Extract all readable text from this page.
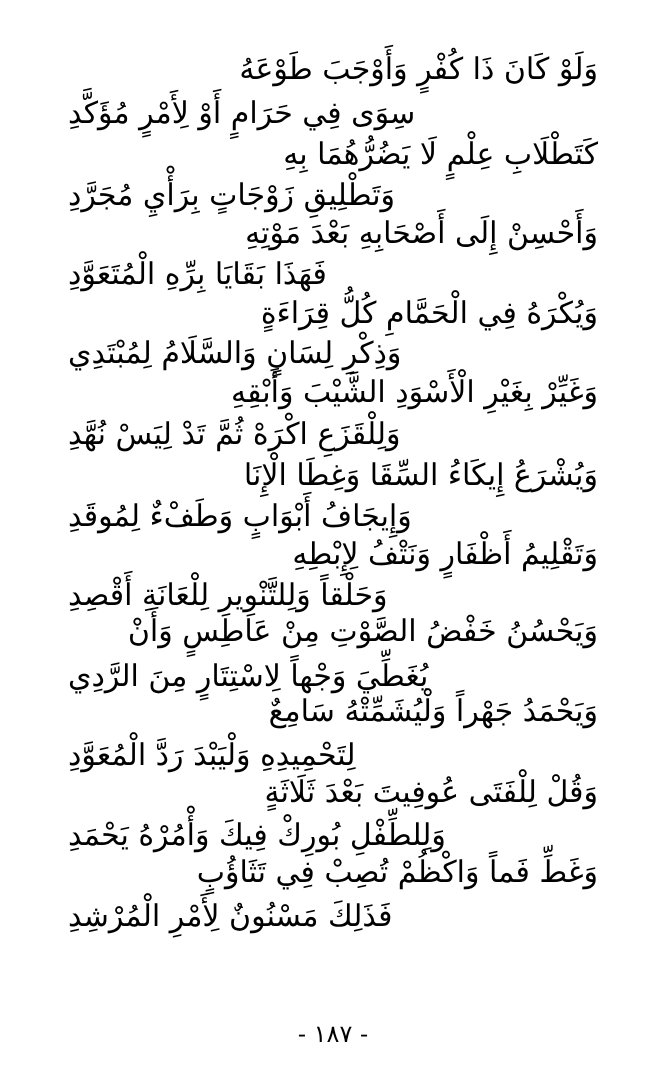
وَلَوْ كَانَ ذَا كُفْرٍ وَأَوْجَبَ طَوْعَهُ
سِوَى فِي حَرَامٍ أَوْ لِأَمْرٍ مُؤَكَّدِ
كَتَطْلَابِ عِلْمٍ لَا يَضُرُّهُمَا بِهِ
وَتَطْلِيقِ زَوْجَاتٍ بِرَأْيِ مُجَرَّدِ
وَأَحْسِنْ إِلَى أَصْحَابِهِ بَعْدَ مَوْتِهِ
فَهَذَا بَقَايَا بِرِّهِ الْمُتَعَوَّدِ
وَيُكْرَهُ فِي الْحَمَّامِ كُلُّ قِرَاءَةٍ
وَذِكْرِ لِسَانٍ وَالسَّلَامُ لِمُبْتَدِي
وَغَيِّرْ بِغَيْرِ الْأَسْوَدِ الشَّيْبَ وَأَبْقِهِ
وَلِلْقَزَعِ اكْرَهْ ثُمَّ تَدْ لِيَسْ نُهَّدِ
وَيُشْرَعُ إِيكَاءُ السِّقَا وَغِطَا الْإِنَا
وَإِيجَافُ أَبْوَابٍ وَطَفْءٌ لِمُوقَدِ
وَتَقْلِيمُ أَظْفَارٍ وَنَتْفُ لِإِبْطِهِ
وَحَلْقاً وَلِلتَّنْوِيرِ لِلْعَانَةِ أَقْصِدِ
وَيَحْسُنُ خَفْضُ الصَّوْتِ مِنْ عَاطِسٍ وَأَنْ
يُغَطِّيَ وَجْهاً لِاسْتِتَارٍ مِنَ الرَّدِي
وَيَحْمَدُ جَهْراً وَلْيُشَمِّتْهُ سَامِعٌ
لِتَحْمِيدِهِ وَلْيَبْدَ رَدَّ الْمُعَوَّدِ
وَقُلْ لِلْفَتَى عُوفِيتَ بَعْدَ ثَلَاثَةٍ
وَلِلطِّفْلِ بُورِكْ فِيكَ وَأْمُرْهُ يَحْمَدِ
وَغَطِّ فَماً وَاكْظُمْ تُصِبْ فِي تَثَاؤُبٍ
فَذَلِكَ مَسْنُونٌ لِأَمْرِ الْمُرْشِدِ
- ١٨٧ -
